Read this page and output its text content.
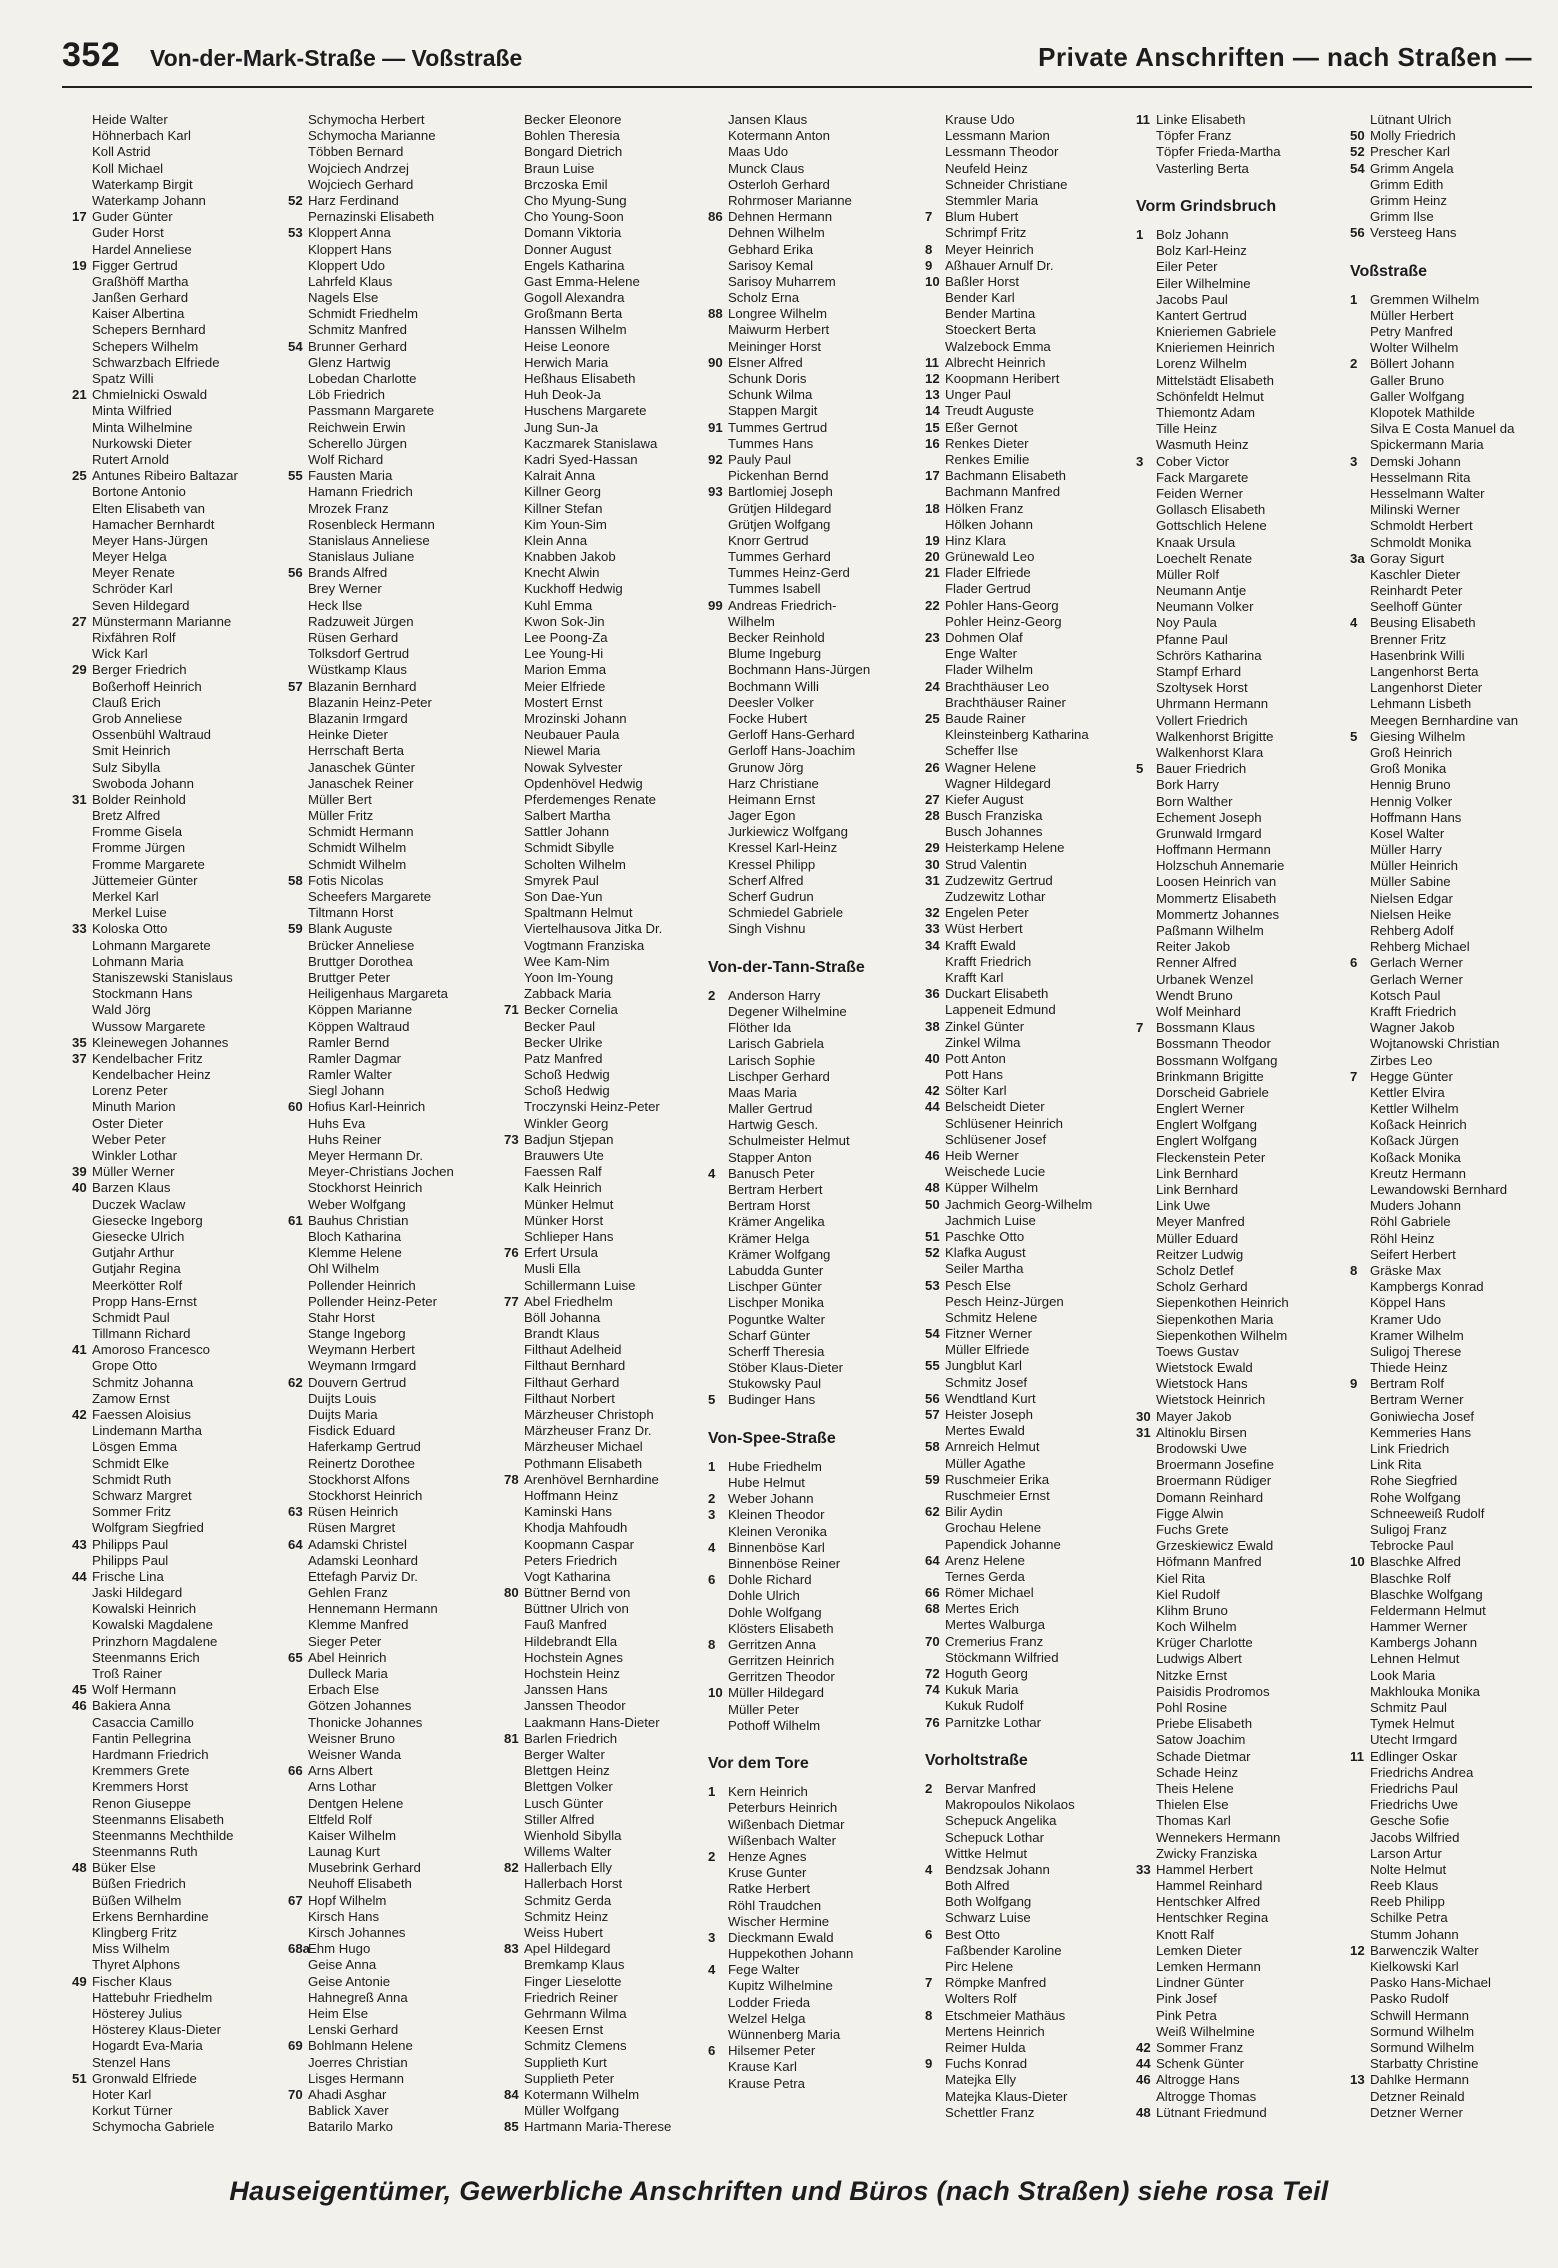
352 Von-der-Mark-Straße — Voßstraße	Private Anschriften — nach Straßen —
Heide Walter
Höhnerbach Karl
Koll Astrid
Koll Michael
Waterkamp Birgit
Waterkamp Johann
17 Guder Günter
Guder Horst
Hardel Anneliese
19 Figger Gertrud
Graßhöff Martha
Janßen Gerhard
Kaiser Albertina
Schepers Bernhard
Schepers Wilhelm
Schwarzbach Elfriede
Spatz Willi
21 Chmielnicki Oswald
Minta Wilfried
Minta Wilhelmine
Nurkowski Dieter
Rutert Arnold
25 Antunes Ribeiro Baltazar
Bortone Antonio
Elten Elisabeth van
Hamacher Bernhardt
Meyer Hans-Jürgen
Meyer Helga
Meyer Renate
Schröder Karl
Seven Hildegard
27 Münstermann Marianne
Rixfähren Rolf
Wick Karl
29 Berger Friedrich
Boßerhoff Heinrich
Clauß Erich
Grob Anneliese
Ossenbühl Waltraud
Smit Heinrich
Sulz Sibylla
Swoboda Johann
31 Bolder Reinhold
Bretz Alfred
Fromme Gisela
Fromme Jürgen
Fromme Margarete
Jüttemeier Günter
Merkel Karl
Merkel Luise
33 Koloska Otto
Lohmann Margarete
Lohmann Maria
Staniszewski Stanislaus
Stockmann Hans
Wald Jörg
Wussow Margarete
35 Kleinewegen Johannes
37 Kendelbacher Fritz
Kendelbacher Heinz
Lorenz Peter
Minuth Marion
Oster Dieter
Weber Peter
Winkler Lothar
39 Müller Werner
40 Barzen Klaus
Duczek Waclaw
Giesecke Ingeborg
Giesecke Ulrich
Gutjahr Arthur
Gutjahr Regina
Meerkötter Rolf
Propp Hans-Ernst
Schmidt Paul
Tillmann Richard
41 Amoroso Francesco
Grope Otto
Schmitz Johanna
Zamow Ernst
42 Faessen Aloisius
Lindemann Martha
Lösgen Emma
Schmidt Elke
Schmidt Ruth
Schwarz Margret
Sommer Fritz
Wolfgram Siegfried
43 Philipps Paul
Philipps Paul
44 Frische Lina
Jaski Hildegard
Kowalski Heinrich
Kowalski Magdalene
Prinzhorn Magdalene
Steenmanns Erich
Troß Rainer
45 Wolf Hermann
46 Bakiera Anna
Casaccia Camillo
Fantin Pellegrina
Hardmann Friedrich
Kremmers Grete
Kremmers Horst
Renon Giuseppe
Steenmanns Elisabeth
Steenmanns Mechthilde
Steenmanns Ruth
48 Büker Else
Büßen Friedrich
Büßen Wilhelm
Erkens Bernhardine
Klingberg Fritz
Miss Wilhelm
Thyret Alphons
49 Fischer Klaus
Hattebuhr Friedhelm
Hösterey Julius
Hösterey Klaus-Dieter
Hogardt Eva-Maria
Stenzel Hans
51 Gronwald Elfriede
Hoter Karl
Korkut Türner
Schymocha Gabriele
Schymocha Herbert
Schymocha Marianne
Többen Bernard
Wojciech Andrzej
Wojciech Gerhard
52 Harz Ferdinand
Pernazinski Elisabeth
53 Kloppert Anna
Kloppert Hans
Kloppert Udo
Lahrfeld Klaus
Nagels Else
Schmidt Friedhelm
Schmitz Manfred
54 Brunner Gerhard
Glenz Hartwig
Lobedan Charlotte
Löb Friedrich
Passmann Margarete
Reichwein Erwin
Scherello Jürgen
Wolf Richard
55 Fausten Maria
Hamann Friedrich
Mrozek Franz
Rosenbleck Hermann
Stanislaus Anneliese
Stanislaus Juliane
56 Brands Alfred
Brey Werner
Heck Ilse
Radzuweit Jürgen
Rüsen Gerhard
Tolksdorf Gertrud
Wüstkamp Klaus
57 Blazanin Bernhard
Blazanin Heinz-Peter
Blazanin Irmgard
Heinke Dieter
Herrschaft Berta
Janaschek Günter
Janaschek Reiner
Müller Bert
Müller Fritz
Schmidt Hermann
Schmidt Wilhelm
Schmidt Wilhelm
58 Fotis Nicolas
Scheefers Margarete
Tiltmann Horst
59 Blank Auguste
Brücker Anneliese
Bruttger Dorothea
Bruttger Peter
Heiligenhaus Margareta
Köppen Marianne
Köppen Waltraud
Ramler Bernd
Ramler Dagmar
Ramler Walter
Siegl Johann
60 Hofius Karl-Heinrich
Huhs Eva
Huhs Reiner
Meyer Hermann Dr.
Meyer-Christians Jochen
Stockhorst Heinrich
Weber Wolfgang
61 Bauhus Christian
Bloch Katharina
Klemme Helene
Ohl Wilhelm
Pollender Heinrich
Pollender Heinz-Peter
Stahr Horst
Stange Ingeborg
Weymann Herbert
Weymann Irmgard
62 Douvern Gertrud
Duijts Louis
Duijts Maria
Fisdick Eduard
Haferkamp Gertrud
Reinertz Dorothee
Stockhorst Alfons
Stockhorst Heinrich
63 Rüsen Heinrich
Rüsen Margret
64 Adamski Christel
Adamski Leonhard
Ettefagh Parviz Dr.
Gehlen Franz
Hennemann Hermann
Klemme Manfred
Sieger Peter
65 Abel Heinrich
Dulleck Maria
Erbach Else
Götzen Johannes
Thonicke Johannes
Weisner Bruno
Weisner Wanda
66 Arns Albert
Arns Lothar
Dentgen Helene
Eltfeld Rolf
Kaiser Wilhelm
Launag Kurt
Musebrink Gerhard
Neuhoff Elisabeth
67 Hopf Wilhelm
Kirsch Hans
Kirsch Johannes
68aEhm Hugo
Geise Anna
Geise Antonie
Hahnegreß Anna
Heim Else
Lenski Gerhard
69 Bohlmann Helene
Joerres Christian
Lisges Hermann
70 Ahadi Asghar
Bablick Xaver
Batarilo Marko
Becker Eleonore
Bohlen Theresia
Bongard Dietrich
Braun Luise
Brczoska Emil
Cho Myung-Sung
Cho Young-Soon
Domann Viktoria
Donner August
Engels Katharina
Gast Emma-Helene
Gogoll Alexandra
Großmann Berta
Hanssen Wilhelm
Heise Leonore
Herwich Maria
Heßhaus Elisabeth
Huh Deok-Ja
Huschens Margarete
Jung Sun-Ja
Kaczmarek Stanislawa
Kadri Syed-Hassan
Kalrait Anna
Killner Georg
Killner Stefan
Kim Youn-Sim
Klein Anna
Knabben Jakob
Knecht Alwin
Kuckhoff Hedwig
Kuhl Emma
Kwon Sok-Jin
Lee Poong-Za
Lee Young-Hi
Marion Emma
Meier Elfriede
Mostert Ernst
Mrozinski Johann
Neubauer Paula
Niewel Maria
Nowak Sylvester
Opdenhövel Hedwig
Pferdemenges Renate
Salbert Martha
Sattler Johann
Schmidt Sibylle
Scholten Wilhelm
Smyrek Paul
Son Dae-Yun
Spaltmann Helmut
Viertelhausova Jitka Dr.
Vogtmann Franziska
Wee Kam-Nim
Yoon Im-Young
Zabback Maria
71 Becker Cornelia
Becker Paul
Becker Ulrike
Patz Manfred
Schoß Hedwig
Schoß Hedwig
Troczynski Heinz-Peter
Winkler Georg
73 Badjun Stjepan
Brauwers Ute
Faessen Ralf
Kalk Heinrich
Münker Helmut
Münker Horst
Schlieper Hans
76 Erfert Ursula
Musli Ella
Schillermann Luise
77 Abel Friedhelm
Böll Johanna
Brandt Klaus
Filthaut Adelheid
Filthaut Bernhard
Filthaut Gerhard
Filthaut Norbert
Märzheuser Christoph
Märzheuser Franz Dr.
Märzheuser Michael
Pothmann Elisabeth
78 Arenhövel Bernhardine
Hoffmann Heinz
Kaminski Hans
Khodja Mahfoudh
Koopmann Caspar
Peters Friedrich
Vogt Katharina
80 Büttner Bernd von
Büttner Ulrich von
Fauß Manfred
Hildebrandt Ella
Hochstein Agnes
Hochstein Heinz
Janssen Hans
Janssen Theodor
Laakmann Hans-Dieter
81 Barlen Friedrich
Berger Walter
Blettgen Heinz
Blettgen Volker
Lusch Günter
Stiller Alfred
Wienhold Sibylla
Willems Walter
82 Hallerbach Elly
Hallerbach Horst
Schmitz Gerda
Schmitz Heinz
Weiss Hubert
83 Apel Hildegard
Bremkamp Klaus
Finger Lieselotte
Friedrich Reiner
Gehrmann Wilma
Keesen Ernst
Schmitz Clemens
Supplieth Kurt
Supplieth Peter
84 Kotermann Wilhelm
Müller Wolfgang
85 Hartmann Maria-Therese
Jansen Klaus
Kotermann Anton
Maas Udo
Munck Claus
Osterloh Gerhard
Rohrmoser Marianne
86 Dehnen Hermann
Dehnen Wilhelm
Gebhard Erika
Sarisoy Kemal
Sarisoy Muharrem
Scholz Erna
88 Longree Wilhelm
Maiwurm Herbert
Meininger Horst
90 Elsner Alfred
Schunk Doris
Schunk Wilma
Stappen Margit
91 Tummes Gertrud
Tummes Hans
92 Pauly Paul
Pickenhan Bernd
93 Bartlomiej Joseph
Grütjen Hildegard
Grütjen Wolfgang
Knorr Gertrud
Tummes Gerhard
Tummes Heinz-Gerd
Tummes Isabell
99 Andreas Friedrich-
Wilhelm
Becker Reinhold
Blume Ingeburg
Bochmann Hans-Jürgen
Bochmann Willi
Deesler Volker
Focke Hubert
Gerloff Hans-Gerhard
Gerloff Hans-Joachim
Grunow Jörg
Harz Christiane
Heimann Ernst
Jager Egon
Jurkiewicz Wolfgang
Kressel Karl-Heinz
Kressel Philipp
Scherf Alfred
Scherf Gudrun
Schmiedel Gabriele
Singh Vishnu
Von-der-Tann-Straße
2 Anderson Harry
Degener Wilhelmine
Flöther Ida
Larisch Gabriela
Larisch Sophie
Lischper Gerhard
Maas Maria
Maller Gertrud
Hartwig Gesch.
Schulmeister Helmut
Stapper Anton
4 Banusch Peter
Bertram Herbert
Bertram Horst
Krämer Angelika
Krämer Helga
Krämer Wolfgang
Labudda Gunter
Lischper Günter
Lischper Monika
Poguntke Walter
Scharf Günter
Scherff Theresia
Stöber Klaus-Dieter
Stukowsky Paul
5 Budinger Hans
Von-Spee-Straße
1 Hube Friedhelm
Hube Helmut
2 Weber Johann
3 Kleinen Theodor
Kleinen Veronika
4 Binnenböse Karl
Binnenböse Reiner
6 Dohle Richard
Dohle Ulrich
Dohle Wolfgang
Klösters Elisabeth
8 Gerritzen Anna
Gerritzen Heinrich
Gerritzen Theodor
10 Müller Hildegard
Müller Peter
Pothoff Wilhelm
Vor dem Tore
1 Kern Heinrich
Peterburs Heinrich
Wißenbach Dietmar
Wißenbach Walter
2 Henze Agnes
Kruse Gunter
Ratke Herbert
Röhl Traudchen
Wischer Hermine
3 Dieckmann Ewald
Huppekothen Johann
4 Fege Walter
Kupitz Wilhelmine
Lodder Frieda
Welzel Helga
Wünnenberg Maria
6 Hilsemer Peter
Krause Karl
Krause Petra
Krause Udo
Lessmann Marion
Lessmann Theodor
Neufeld Heinz
Schneider Christiane
Stemmler Maria
7 Blum Hubert
Schrimpf Fritz
8 Meyer Heinrich
9 Aßhauer Arnulf Dr.
10 Baßler Horst
Bender Karl
Bender Martina
Stoeckert Berta
Walzebock Emma
11 Albrecht Heinrich
12 Koopmann Heribert
13 Unger Paul
14 Treudt Auguste
15 Eßer Gernot
16 Renkes Dieter
Renkes Emilie
17 Bachmann Elisabeth
Bachmann Manfred
18 Hölken Franz
Hölken Johann
19 Hinz Klara
20 Grünewald Leo
21 Flader Elfriede
Flader Gertrud
22 Pohler Hans-Georg
Pohler Heinz-Georg
23 Dohmen Olaf
Enge Walter
Flader Wilhelm
24 Brachthäuser Leo
Brachthäuser Rainer
25 Baude Rainer
Kleinsteinberg Katharina
Scheffer Ilse
26 Wagner Helene
Wagner Hildegard
27 Kiefer August
28 Busch Franziska
Busch Johannes
29 Heisterkamp Helene
30 Strud Valentin
31 Zudzewitz Gertrud
Zudzewitz Lothar
32 Engelen Peter
33 Wüst Herbert
34 Krafft Ewald
Krafft Friedrich
Krafft Karl
36 Duckart Elisabeth
Lappeneit Edmund
38 Zinkel Günter
Zinkel Wilma
40 Pott Anton
Pott Hans
42 Sölter Karl
44 Belscheidt Dieter
Schlüsener Heinrich
Schlüsener Josef
46 Heib Werner
Weischede Lucie
48 Küpper Wilhelm
50 Jachmich Georg-Wilhelm
Jachmich Luise
51 Paschke Otto
52 Klafka August
Seiler Martha
53 Pesch Else
Pesch Heinz-Jürgen
Schmitz Helene
54 Fitzner Werner
Müller Elfriede
55 Jungblut Karl
Schmitz Josef
56 Wendtland Kurt
57 Heister Joseph
Mertes Ewald
58 Arnreich Helmut
Müller Agathe
59 Ruschmeier Erika
Ruschmeier Ernst
62 Bilir Aydin
Grochau Helene
Papendick Johanne
64 Arenz Helene
Ternes Gerda
66 Römer Michael
68 Mertes Erich
Mertes Walburga
70 Cremerius Franz
Stöckmann Wilfried
72 Hoguth Georg
74 Kukuk Maria
Kukuk Rudolf
76 Parnitzke Lothar
Vorholtstraße
2 Bervar Manfred
Makropoulos Nikolaos
Schepuck Angelika
Schepuck Lothar
Wittke Helmut
4 Bendzsak Johann
Both Alfred
Both Wolfgang
Schwarz Luise
6 Best Otto
Faßbender Karoline
Pirc Helene
7 Römpke Manfred
Wolters Rolf
8 Etschmeier Mathäus
Mertens Heinrich
Reimer Hulda
9 Fuchs Konrad
Matejka Elly
Matejka Klaus-Dieter
Schettler Franz
11 Linke Elisabeth
Töpfer Franz
Töpfer Frieda-Martha
Vasterling Berta
Vorm Grindsbruch
1 Bolz Johann
Bolz Karl-Heinz
Eiler Peter
Eiler Wilhelmine
Jacobs Paul
Kantert Gertrud
Knieriemen Gabriele
Knieriemen Heinrich
Lorenz Wilhelm
Mittelstädt Elisabeth
Schönfeldt Helmut
Thiemontz Adam
Tille Heinz
Wasmuth Heinz
3 Cober Victor
Fack Margarete
Feiden Werner
Gollasch Elisabeth
Gottschlich Helene
Knaak Ursula
Loechelt Renate
Müller Rolf
Neumann Antje
Neumann Volker
Noy Paula
Pfanne Paul
Schrörs Katharina
Stampf Erhard
Szoltysek Horst
Uhrmann Hermann
Vollert Friedrich
Walkenhorst Brigitte
Walkenhorst Klara
5 Bauer Friedrich
Bork Harry
Born Walther
Echement Joseph
Grunwald Irmgard
Hoffmann Hermann
Holzschuh Annemarie
Loosen Heinrich van
Mommertz Elisabeth
Mommertz Johannes
Paßmann Wilhelm
Reiter Jakob
Renner Alfred
Urbanek Wenzel
Wendt Bruno
Wolf Meinhard
7 Bossmann Klaus
Bossmann Theodor
Bossmann Wolfgang
Brinkmann Brigitte
Dorscheid Gabriele
Englert Werner
Englert Wolfgang
Englert Wolfgang
Fleckenstein Peter
Link Bernhard
Link Bernhard
Link Uwe
Meyer Manfred
Müller Eduard
Reitzer Ludwig
Scholz Detlef
Scholz Gerhard
Siepenkothen Heinrich
Siepenkothen Maria
Siepenkothen Wilhelm
Toews Gustav
Wietstock Ewald
Wietstock Hans
Wietstock Heinrich
30 Mayer Jakob
31 Altinoklu Birsen
Brodowski Uwe
Broermann Josefine
Broermann Rüdiger
Domann Reinhard
Figge Alwin
Fuchs Grete
Grzeskiewicz Ewald
Höfmann Manfred
Kiel Rita
Kiel Rudolf
Klihm Bruno
Koch Wilhelm
Krüger Charlotte
Ludwigs Albert
Nitzke Ernst
Paisidis Prodromos
Pohl Rosine
Priebe Elisabeth
Satow Joachim
Schade Dietmar
Schade Heinz
Theis Helene
Thielen Else
Thomas Karl
Wennekers Hermann
Zwicky Franziska
33 Hammel Herbert
Hammel Reinhard
Hentschker Alfred
Hentschker Regina
Knott Ralf
Lemken Dieter
Lemken Hermann
Lindner Günter
Pink Josef
Pink Petra
Weiß Wilhelmine
42 Sommer Franz
44 Schenk Günter
46 Altrogge Hans
Altrogge Thomas
48 Lütnant Friedmund
Lütnant Ulrich
50 Molly Friedrich
52 Prescher Karl
54 Grimm Angela
Grimm Edith
Grimm Heinz
Grimm Ilse
56 Versteeg Hans
Voßstraße
1 Gremmen Wilhelm
Müller Herbert
Petry Manfred
Wolter Wilhelm
2 Böllert Johann
Galler Bruno
Galler Wolfgang
Klopotek Mathilde
Silva E Costa Manuel da
Spickermann Maria
3 Demski Johann
Hesselmann Rita
Hesselmann Walter
Milinski Werner
Schmoldt Herbert
Schmoldt Monika
3a Goray Sigurt
Kaschler Dieter
Reinhardt Peter
Seelhoff Günter
4 Beusing Elisabeth
Brenner Fritz
Hasenbrink Willi
Langenhorst Berta
Langenhorst Dieter
Lehmann Lisbeth
Meegen Bernhardine van
5 Giesing Wilhelm
Groß Heinrich
Groß Monika
Hennig Bruno
Hennig Volker
Hoffmann Hans
Kosel Walter
Müller Harry
Müller Heinrich
Müller Sabine
Nielsen Edgar
Nielsen Heike
Rehberg Adolf
Rehberg Michael
6 Gerlach Werner
Gerlach Werner
Kotsch Paul
Krafft Friedrich
Wagner Jakob
Wojtanowski Christian
Zirbes Leo
7 Hegge Günter
Kettler Elvira
Kettler Wilhelm
Koßack Heinrich
Koßack Jürgen
Koßack Monika
Kreutz Hermann
Lewandowski Bernhard
Muders Johann
Röhl Gabriele
Röhl Heinz
Seifert Herbert
8 Gräske Max
Kampbergs Konrad
Köppel Hans
Kramer Udo
Kramer Wilhelm
Suligoj Therese
Thiede Heinz
9 Bertram Rolf
Bertram Werner
Goniwiecha Josef
Kemmeries Hans
Link Friedrich
Link Rita
Rohe Siegfried
Rohe Wolfgang
Schneeweiß Rudolf
Suligoj Franz
Tebrocke Paul
10 Blaschke Alfred
Blaschke Rolf
Blaschke Wolfgang
Feldermann Helmut
Hammer Werner
Kambergs Johann
Lehnen Helmut
Look Maria
Makhlouka Monika
Schmitz Paul
Tymek Helmut
Utecht Irmgard
11 Edlinger Oskar
Friedrichs Andrea
Friedrichs Paul
Friedrichs Uwe
Gesche Sofie
Jacobs Wilfried
Larson Artur
Nolte Helmut
Reeb Klaus
Reeb Philipp
Schilke Petra
Stumm Johann
12 Barwenczik Walter
Kielkowski Karl
Pasko Hans-Michael
Pasko Rudolf
Schwill Hermann
Sormund Wilhelm
Sormund Wilhelm
Starbatty Christine
13 Dahlke Hermann
Detzner Reinald
Detzner Werner
Hauseigentümer, Gewerbliche Anschriften und Büros (nach Straßen) siehe rosa Teil
